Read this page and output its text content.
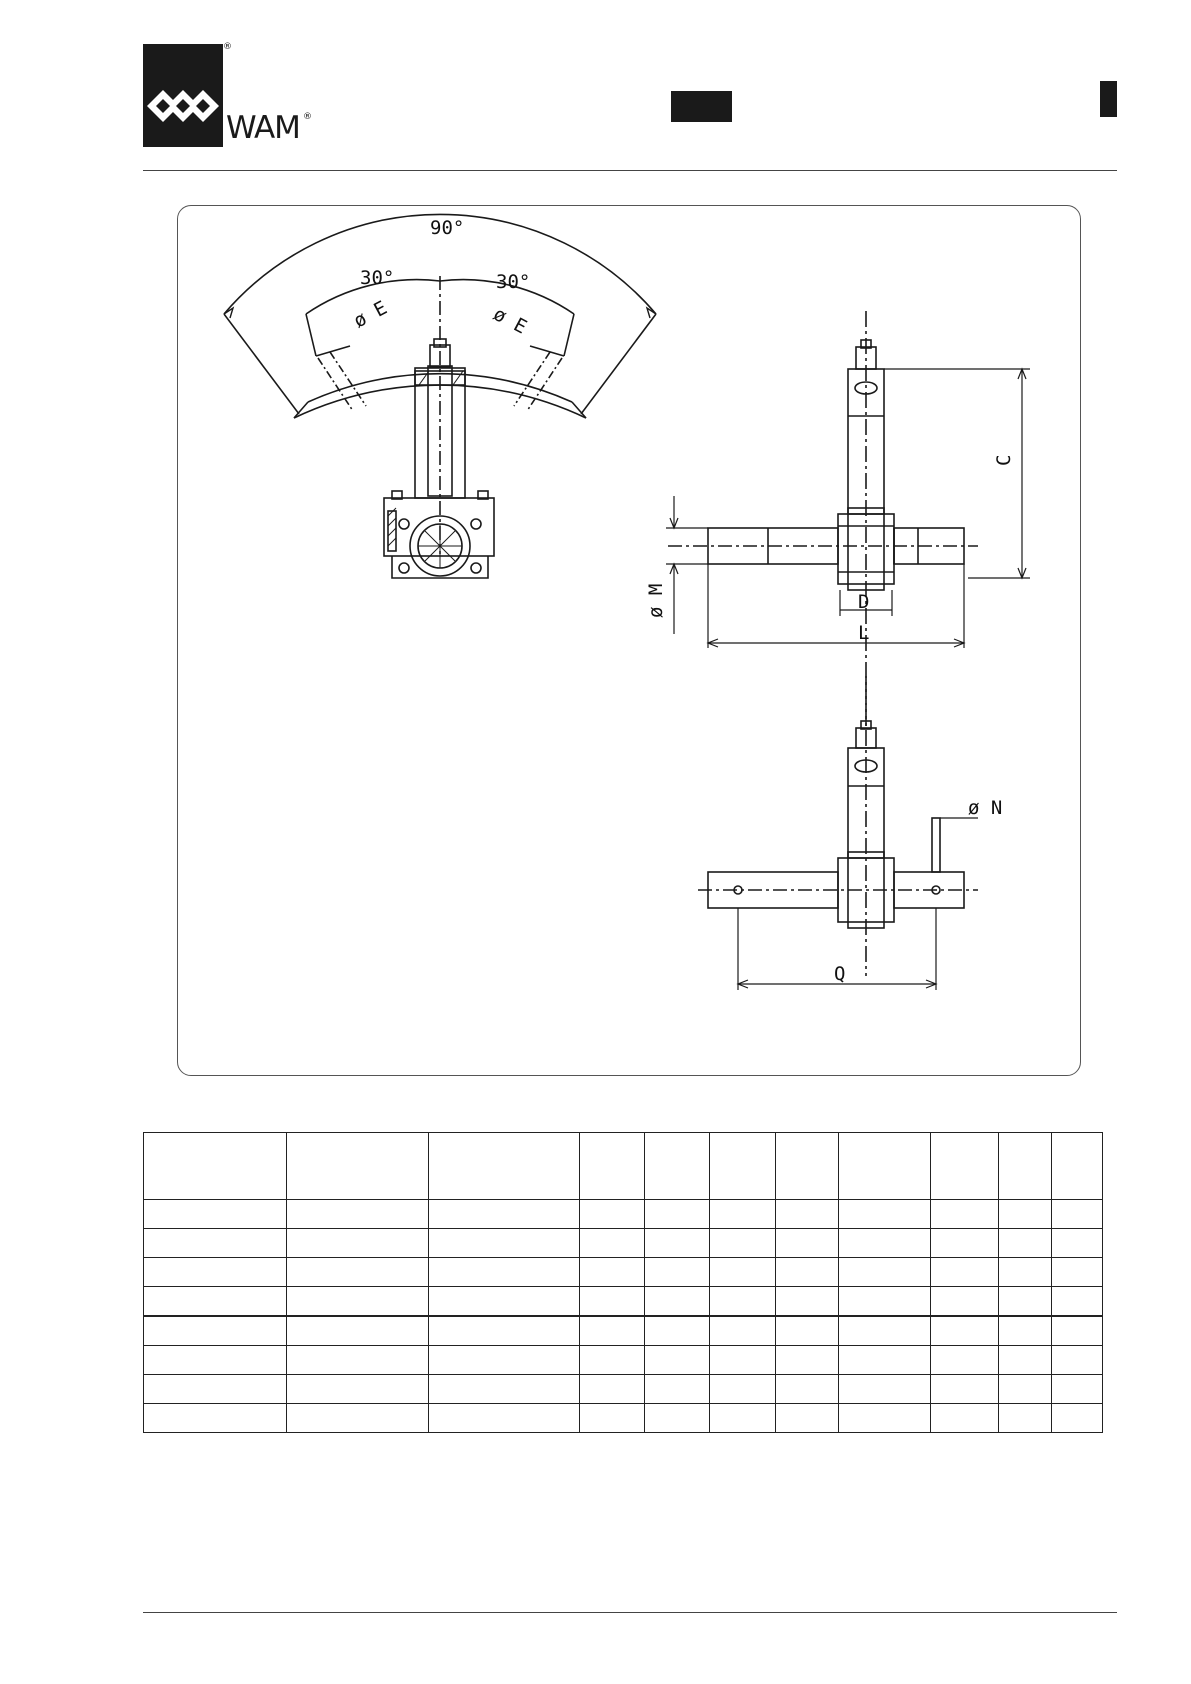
®
WAM ®
90°
30°	30°
ø E	ø E
C
D
L
ø M
ø N
Q
